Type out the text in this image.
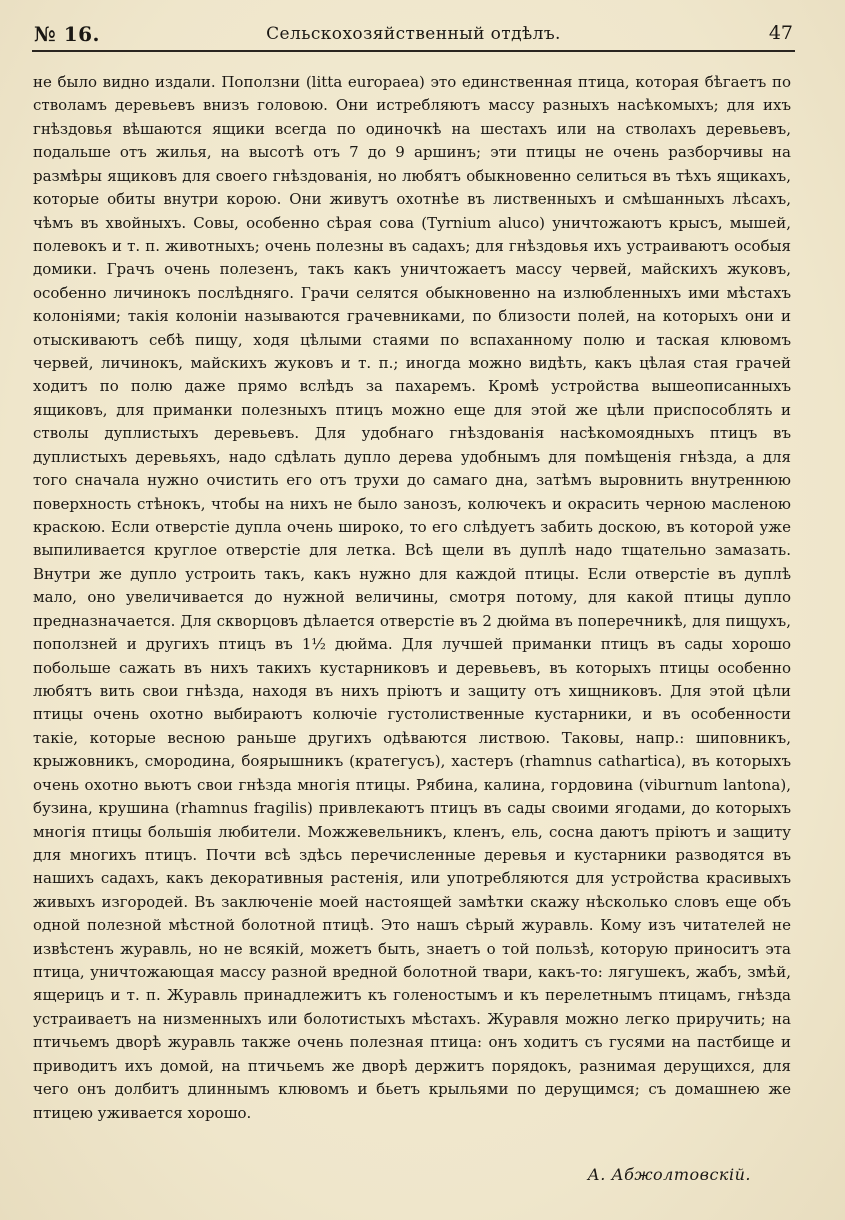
№ 16.	Сельскохозяйственный отдѣлъ.	47

не было видно издали. Поползни (litta europaea) это единственная птица, которая бѣгаетъ по стволамъ деревьевъ внизъ головою. Они истребляютъ массу разныхъ насѣкомыхъ; для ихъ гнѣздовья вѣшаются ящики всегда по одиночкѣ на шестахъ или на стволахъ деревьевъ, подальше отъ жилья, на высотѣ отъ 7 до 9 аршинъ; эти птицы не очень разборчивы на размѣры ящиковъ для своего гнѣздованія, но любятъ обыкновенно селиться въ тѣхъ ящикахъ, которые обиты внутри корою. Они живутъ охотнѣе въ лиственныхъ и смѣшанныхъ лѣсахъ, чѣмъ въ хвойныхъ. Совы, особенно сѣрая сова (Tyrnium aluco) уничтожаютъ крысъ, мышей, полевокъ и т. п. животныхъ; очень полезны въ садахъ; для гнѣздовья ихъ устраиваютъ особыя домики. Грачъ очень полезенъ, такъ какъ уничтожаетъ массу червей, майскихъ жуковъ, особенно личинокъ послѣдняго. Грачи селятся обыкновенно на излюбленныхъ ими мѣстахъ колоніями; такія колоніи называются грачевниками, по близости полей, на которыхъ они и отыскиваютъ себѣ пищу, ходя цѣлыми стаями по вспаханному полю и таская клювомъ червей, личинокъ, майскихъ жуковъ и т. п.; иногда можно видѣть, какъ цѣлая стая грачей ходитъ по полю даже прямо вслѣдъ за пахаремъ. Кромѣ устройства вышеописанныхъ ящиковъ, для приманки полезныхъ птицъ можно еще для этой же цѣли приспособлять и стволы дуплистыхъ деревьевъ. Для удобнаго гнѣздованія насѣкомоядныхъ птицъ въ дуплистыхъ деревьяхъ, надо сдѣлать дупло дерева удобнымъ для помѣщенія гнѣзда, а для того сначала нужно очистить его отъ трухи до самаго дна, затѣмъ выровнить внутреннюю поверхность стѣнокъ, чтобы на нихъ не было занозъ, колючекъ и окрасить черною масленою краскою. Если отверстіе дупла очень широко, то его слѣдуетъ забить доскою, въ которой уже выпиливается круглое отверстіе для летка. Всѣ щели въ дуплѣ надо тщательно замазать. Внутри же дупло устроить такъ, какъ нужно для каждой птицы. Если отверстіе въ дуплѣ мало, оно увеличивается до нужной величины, смотря потому, для какой птицы дупло предназначается. Для скворцовъ дѣлается отверстіе въ 2 дюйма въ поперечникѣ, для пищухъ, поползней и другихъ птицъ въ 1½ дюйма. Для лучшей приманки птицъ въ сады хорошо побольше сажать въ нихъ такихъ кустарниковъ и деревьевъ, въ которыхъ птицы особенно любятъ вить свои гнѣзда, находя въ нихъ пріютъ и защиту отъ хищниковъ. Для этой цѣли птицы очень охотно выбираютъ колючіе густолиственные кустарники, и въ особенности такіе, которые весною раньше другихъ одѣваются листвою. Таковы, напр.: шиповникъ, крыжовникъ, смородина, боярышникъ (кратегусъ), хастеръ (rhamnus cathartica), въ которыхъ очень охотно вьютъ свои гнѣзда многія птицы. Рябина, калина, гордовина (viburnum lantona), бузина, крушина (rhamnus fragilis) привлекаютъ птицъ въ сады своими ягодами, до которыхъ многія птицы большія любители. Можжевельникъ, кленъ, ель, сосна даютъ пріютъ и защиту для многихъ птицъ. Почти всѣ здѣсь перечисленные деревья и кустарники разводятся въ нашихъ садахъ, какъ декоративныя растенія, или употребляются для устройства красивыхъ живыхъ изгородей. Въ заключеніе моей настоящей замѣтки скажу нѣсколько словъ еще объ одной полезной мѣстной болотной птицѣ. Это нашъ сѣрый журавль. Кому изъ читателей не извѣстенъ журавль, но не всякій, можетъ быть, знаетъ о той пользѣ, которую приноситъ эта птица, уничтожающая массу разной вредной болотной твари, какъ-то: лягушекъ, жабъ, змѣй, ящерицъ и т. п. Журавль принадлежитъ къ голеностымъ и къ перелетнымъ птицамъ, гнѣзда устраиваетъ на низменныхъ или болотистыхъ мѣстахъ. Журавля можно легко приручить; на птичьемъ дворѣ журавль также очень полезная птица: онъ ходитъ съ гусями на пастбище и приводитъ ихъ домой, на птичьемъ же дворѣ держитъ порядокъ, разнимая дерущихся, для чего онъ долбитъ длиннымъ клювомъ и бьетъ крыльями по дерущимся; съ домашнею же птицею уживается хорошо.

А. Абжолтовскій.
